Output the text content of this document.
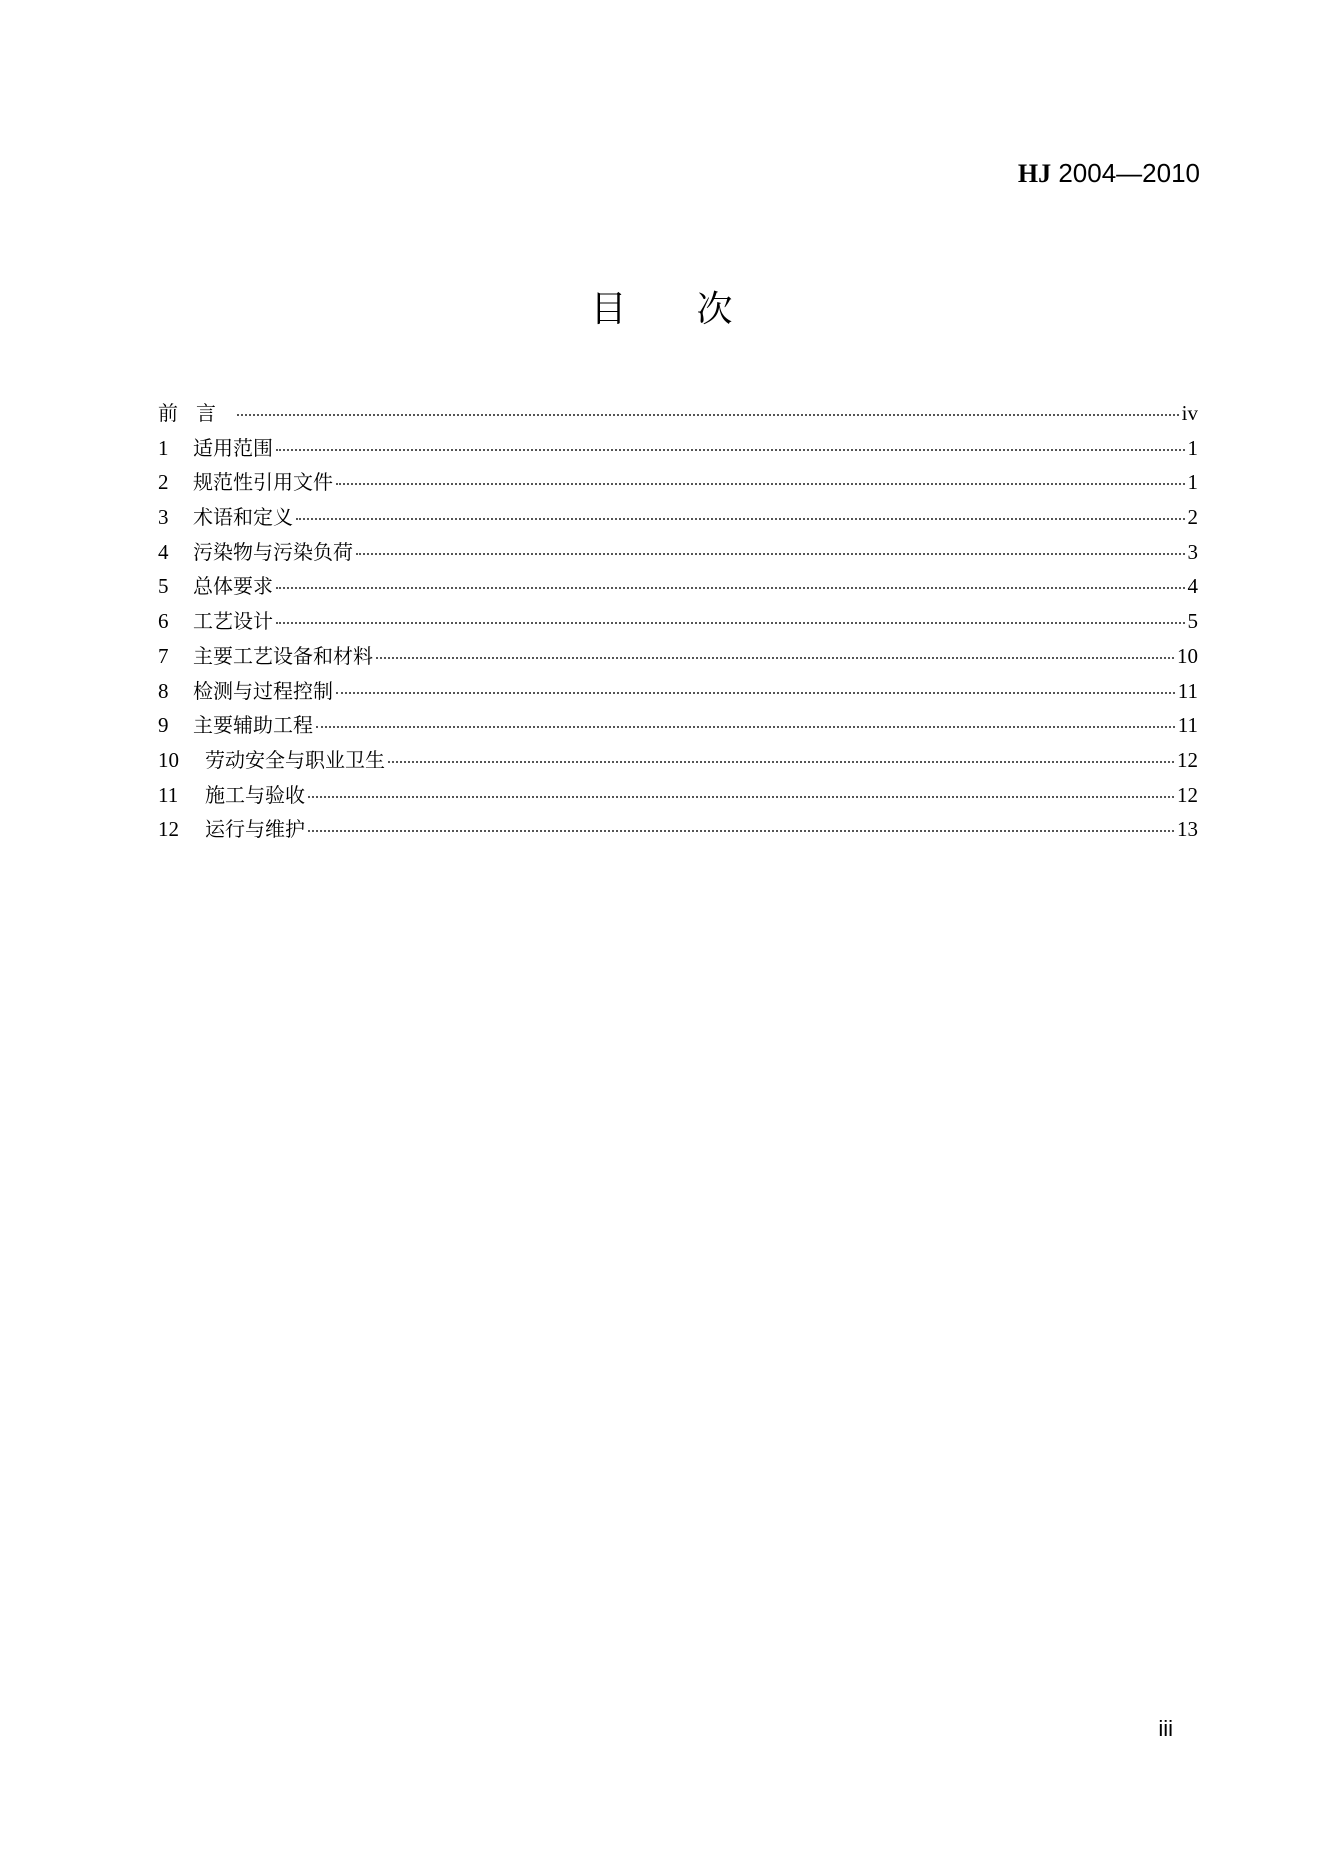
HJ 2004—2010
目 次
前言	iv
1	适用范围	1
2	规范性引用文件	1
3	术语和定义	2
4	污染物与污染负荷	3
5	总体要求	4
6	工艺设计	5
7	主要工艺设备和材料	10
8	检测与过程控制	11
9	主要辅助工程	11
10	劳动安全与职业卫生	12
11	施工与验收	12
12	运行与维护	13
iii
